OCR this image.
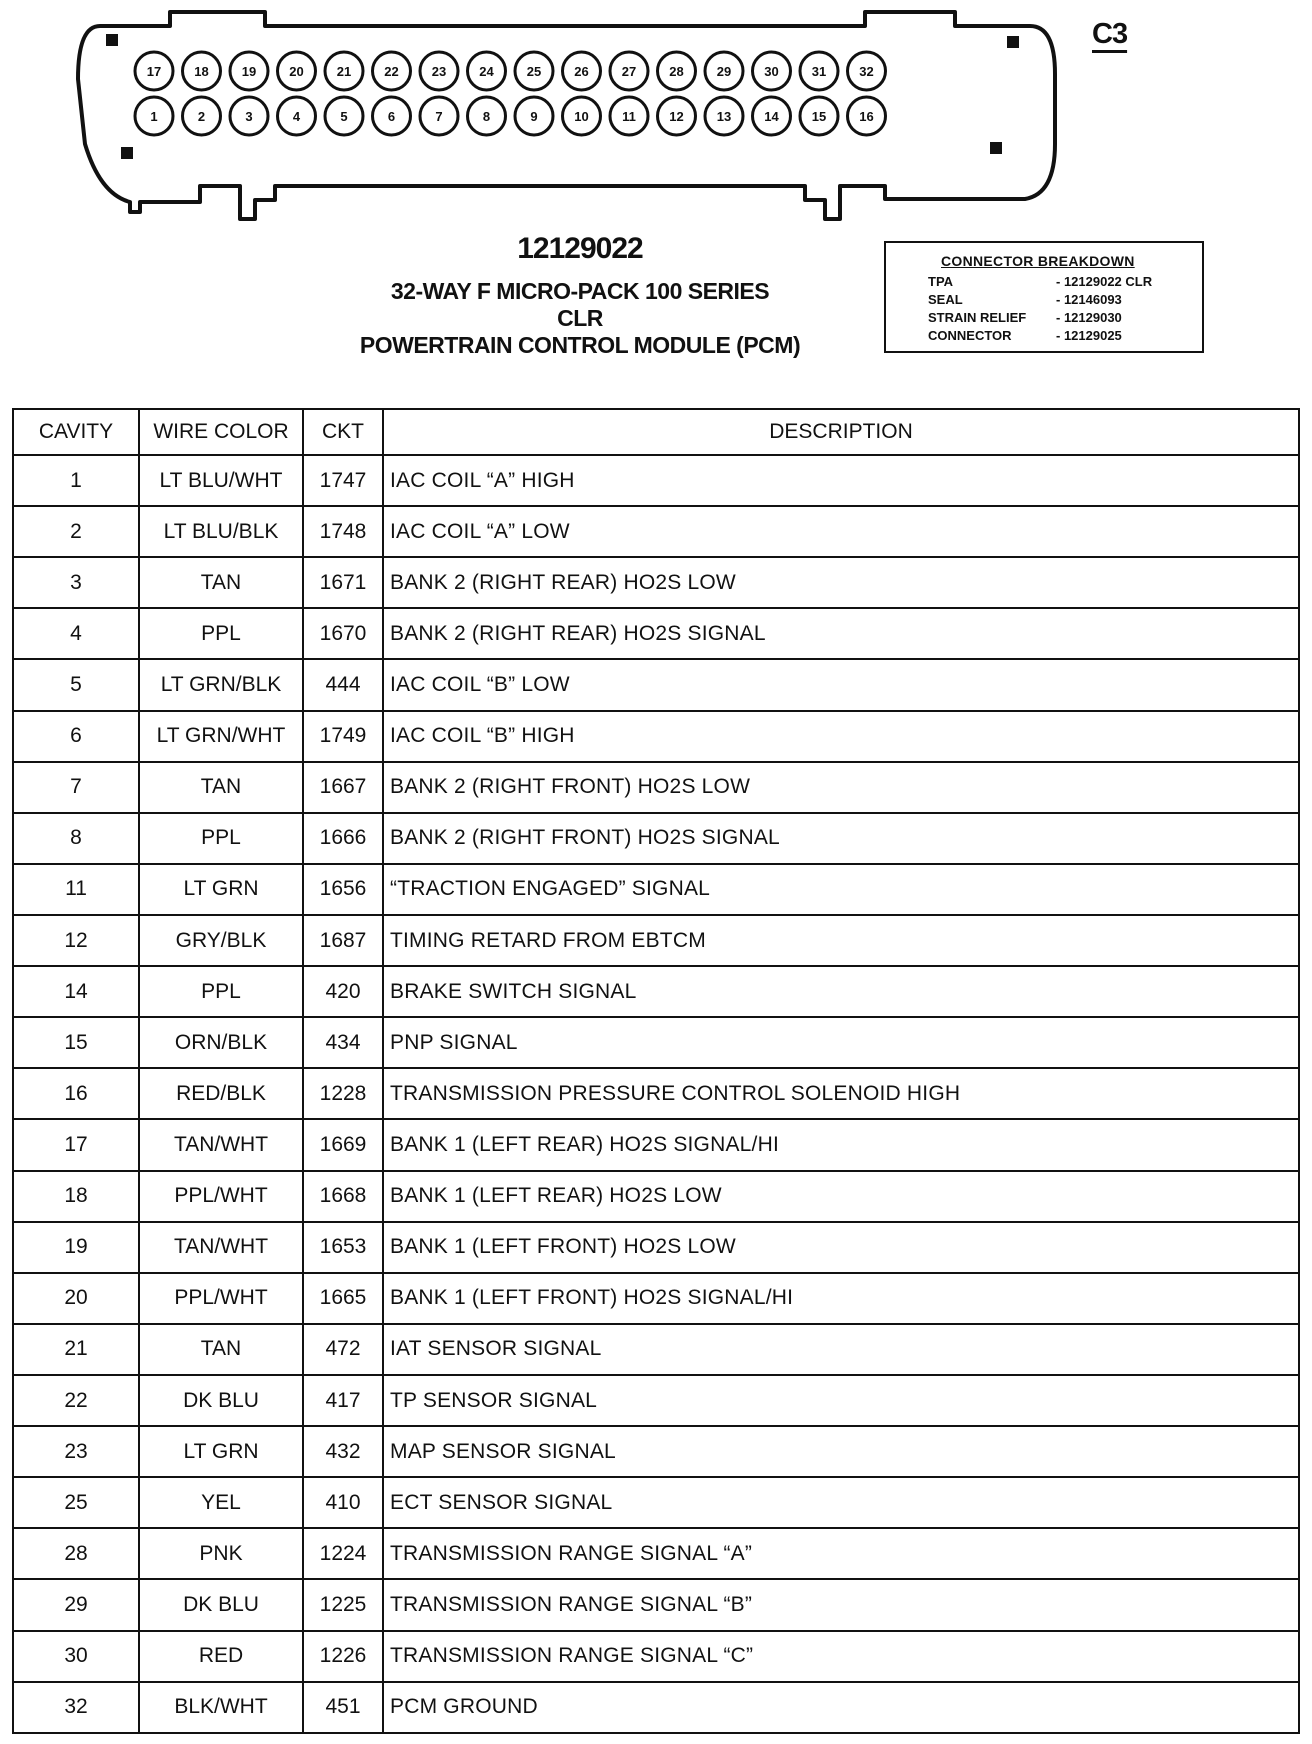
17	18	19	20	21	22	23	24	25	26	27	28	29	30	31	32
1	2	3	4	5	6	7	8	9	10	11	12	13	14	15	16
C3
12129022
32-WAY F MICRO-PACK 100 SERIES
CLR
POWERTRAIN CONTROL MODULE (PCM)
CONNECTOR BREAKDOWN
TPA	- 12129022 CLR
SEAL	- 12146093
STRAIN RELIEF - 12129030
CONNECTOR	- 12129025
CAVITY	WIRE COLOR	CKT	DESCRIPTION
1	LT BLU/WHT	1747	IAC COIL “A” HIGH
2	LT BLU/BLK	1748	IAC COIL “A” LOW
3	TAN	1671	BANK 2 (RIGHT REAR) HO2S LOW
4	PPL	1670	BANK 2 (RIGHT REAR) HO2S SIGNAL
5	LT GRN/BLK	444	IAC COIL “B” LOW
6	LT GRN/WHT	1749	IAC COIL “B” HIGH
7	TAN	1667	BANK 2 (RIGHT FRONT) HO2S LOW
8	PPL	1666	BANK 2 (RIGHT FRONT) HO2S SIGNAL
11	LT GRN	1656	“TRACTION ENGAGED” SIGNAL
12	GRY/BLK	1687	TIMING RETARD FROM EBTCM
14	PPL	420	BRAKE SWITCH SIGNAL
15	ORN/BLK	434	PNP SIGNAL
16	RED/BLK	1228	TRANSMISSION PRESSURE CONTROL SOLENOID HIGH
17	TAN/WHT	1669	BANK 1 (LEFT REAR) HO2S SIGNAL/HI
18	PPL/WHT	1668	BANK 1 (LEFT REAR) HO2S LOW
19	TAN/WHT	1653	BANK 1 (LEFT FRONT) HO2S LOW
20	PPL/WHT	1665	BANK 1 (LEFT FRONT) HO2S SIGNAL/HI
21	TAN	472	IAT SENSOR SIGNAL
22	DK BLU	417	TP SENSOR SIGNAL
23	LT GRN	432	MAP SENSOR SIGNAL
25	YEL	410	ECT SENSOR SIGNAL
28	PNK	1224	TRANSMISSION RANGE SIGNAL “A”
29	DK BLU	1225	TRANSMISSION RANGE SIGNAL “B”
30	RED	1226	TRANSMISSION RANGE SIGNAL “C”
32	BLK/WHT	451	PCM GROUND
